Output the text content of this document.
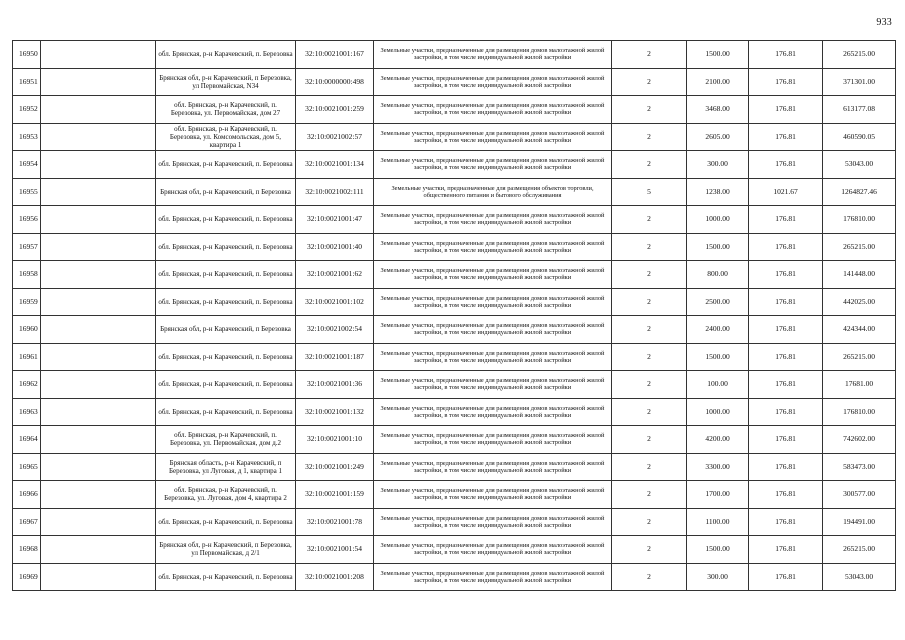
933
16950		обл. Брянская, р-н Карачевский, п. Березовка	32:10:0021001:167	Земельные участки, предназначенные для размещения домов малоэтажной жилой застройки, в том числе индивидуальной жилой застройки	2	1500.00	176.81	265215.00
16951		Брянская обл, р-н Карачевский, п Березовка, ул Первомайская, N34	32:10:0000000:498	Земельные участки, предназначенные для размещения домов малоэтажной жилой застройки, в том числе индивидуальной жилой застройки	2	2100.00	176.81	371301.00
16952		обл. Брянская, р-н Карачевский, п. Березовка, ул. Первомайская, дом 27	32:10:0021001:259	Земельные участки, предназначенные для размещения домов малоэтажной жилой застройки, в том числе индивидуальной жилой застройки	2	3468.00	176.81	613177.08
16953		обл. Брянская, р-н Карачевский, п. Березовка, ул. Комсомольская, дом 5, квартира 1	32:10:0021002:57	Земельные участки, предназначенные для размещения домов малоэтажной жилой застройки, в том числе индивидуальной жилой застройки	2	2605.00	176.81	460590.05
16954		обл. Брянская, р-н Карачевский, п. Березовка	32:10:0021001:134	Земельные участки, предназначенные для размещения домов малоэтажной жилой застройки, в том числе индивидуальной жилой застройки	2	300.00	176.81	53043.00
16955		Брянская обл, р-н Карачевский, п Березовка	32:10:0021002:111	Земельные участки, предназначенные для размещения объектов торговли, общественного питания и бытового обслуживания	5	1238.00	1021.67	1264827.46
16956		обл. Брянская, р-н Карачевский, п. Березовка	32:10:0021001:47	Земельные участки, предназначенные для размещения домов малоэтажной жилой застройки, в том числе индивидуальной жилой застройки	2	1000.00	176.81	176810.00
16957		обл. Брянская, р-н Карачевский, п. Березовка	32:10:0021001:40	Земельные участки, предназначенные для размещения домов малоэтажной жилой застройки, в том числе индивидуальной жилой застройки	2	1500.00	176.81	265215.00
16958		обл. Брянская, р-н Карачевский, п. Березовка	32:10:0021001:62	Земельные участки, предназначенные для размещения домов малоэтажной жилой застройки, в том числе индивидуальной жилой застройки	2	800.00	176.81	141448.00
16959		обл. Брянская, р-н Карачевский, п. Березовка	32:10:0021001:102	Земельные участки, предназначенные для размещения домов малоэтажной жилой застройки, в том числе индивидуальной жилой застройки	2	2500.00	176.81	442025.00
16960		Брянская обл, р-н Карачевский, п Березовка	32:10:0021002:54	Земельные участки, предназначенные для размещения домов малоэтажной жилой застройки, в том числе индивидуальной жилой застройки	2	2400.00	176.81	424344.00
16961		обл. Брянская, р-н Карачевский, п. Березовка	32:10:0021001:187	Земельные участки, предназначенные для размещения домов малоэтажной жилой застройки, в том числе индивидуальной жилой застройки	2	1500.00	176.81	265215.00
16962		обл. Брянская, р-н Карачевский, п. Березовка	32:10:0021001:36	Земельные участки, предназначенные для размещения домов малоэтажной жилой застройки, в том числе индивидуальной жилой застройки	2	100.00	176.81	17681.00
16963		обл. Брянская, р-н Карачевский, п. Березовка	32:10:0021001:132	Земельные участки, предназначенные для размещения домов малоэтажной жилой застройки, в том числе индивидуальной жилой застройки	2	1000.00	176.81	176810.00
16964		обл. Брянская, р-н Карачевский, п. Березовка, ул. Первомайская, дом д.2	32:10:0021001:10	Земельные участки, предназначенные для размещения домов малоэтажной жилой застройки, в том числе индивидуальной жилой застройки	2	4200.00	176.81	742602.00
16965		Брянская область, р-н Карачевский, п Березовка, ул Луговая, д 1, квартира 1	32:10:0021001:249	Земельные участки, предназначенные для размещения домов малоэтажной жилой застройки, в том числе индивидуальной жилой застройки	2	3300.00	176.81	583473.00
16966		обл. Брянская, р-н Карачевский, п. Березовка, ул. Луговая, дом 4, квартира 2	32:10:0021001:159	Земельные участки, предназначенные для размещения домов малоэтажной жилой застройки, в том числе индивидуальной жилой застройки	2	1700.00	176.81	300577.00
16967		обл. Брянская, р-н Карачевский, п. Березовка	32:10:0021001:78	Земельные участки, предназначенные для размещения домов малоэтажной жилой застройки, в том числе индивидуальной жилой застройки	2	1100.00	176.81	194491.00
16968		Брянская обл, р-н Карачевский, п Березовка, ул Первомайская, д 2/1	32:10:0021001:54	Земельные участки, предназначенные для размещения домов малоэтажной жилой застройки, в том числе индивидуальной жилой застройки	2	1500.00	176.81	265215.00
16969		обл. Брянская, р-н Карачевский, п. Березовка	32:10:0021001:208	Земельные участки, предназначенные для размещения домов малоэтажной жилой застройки, в том числе индивидуальной жилой застройки	2	300.00	176.81	53043.00
